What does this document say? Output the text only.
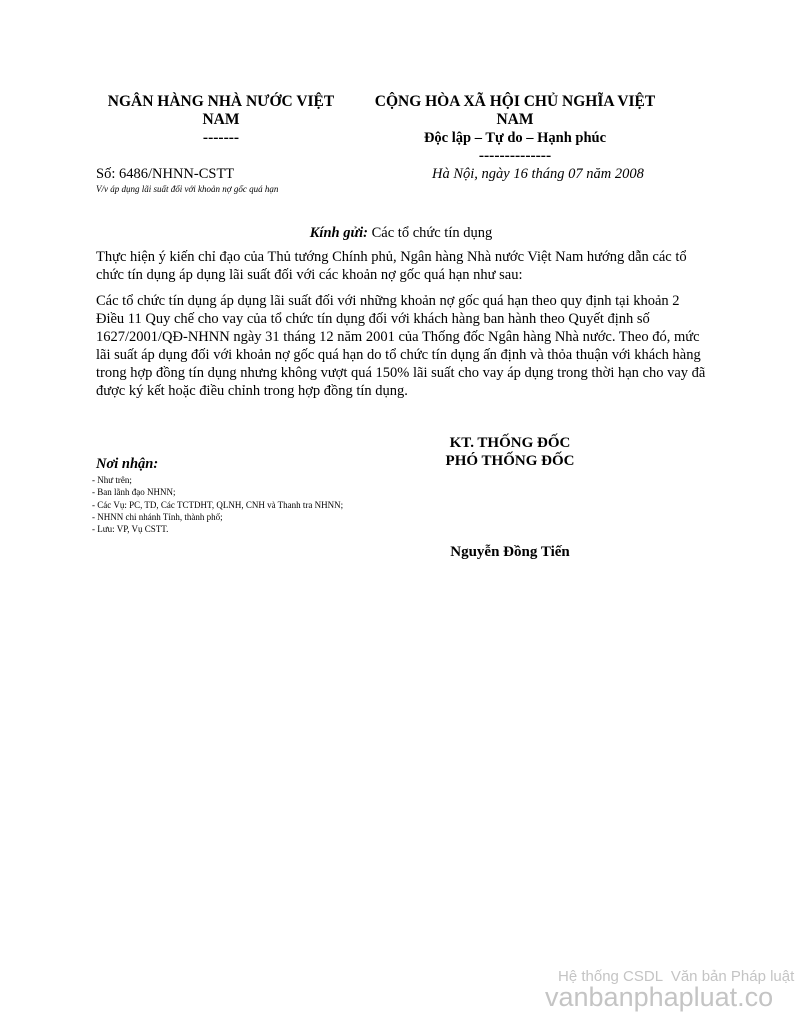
NGÂN HÀNG NHÀ NƯỚC VIỆT NAM
-------
CỘNG HÒA XÃ HỘI CHỦ NGHĨA VIỆT NAM
Độc lập – Tự do – Hạnh phúc
--------------
Số: 6486/NHNN-CSTT
V/v áp dụng lãi suất đối với khoản nợ gốc quá hạn
Hà Nội, ngày 16 tháng 07 năm 2008
Kính gửi: Các tổ chức tín dụng
Thực hiện ý kiến chỉ đạo của Thủ tướng Chính phủ, Ngân hàng Nhà nước Việt Nam hướng dẫn các tổ chức tín dụng áp dụng lãi suất đối với các khoản nợ gốc quá hạn như sau:
Các tổ chức tín dụng áp dụng lãi suất đối với những khoản nợ gốc quá hạn theo quy định tại khoản 2 Điều 11 Quy chế cho vay của tổ chức tín dụng đối với khách hàng ban hành theo Quyết định số 1627/2001/QĐ-NHNN ngày 31 tháng 12 năm 2001 của Thống đốc Ngân hàng Nhà nước. Theo đó, mức lãi suất áp dụng đối với khoản nợ gốc quá hạn do tổ chức tín dụng ấn định và thỏa thuận với khách hàng trong hợp đồng tín dụng nhưng không vượt quá 150% lãi suất cho vay áp dụng trong thời hạn cho vay đã được ký kết hoặc điều chỉnh trong hợp đồng tín dụng.
KT. THỐNG ĐỐC
PHÓ THỐNG ĐỐC
Nguyễn Đồng Tiến
Nơi nhận:
- Như trên;
- Ban lãnh đạo NHNN;
- Các Vụ: PC, TD, Các TCTDHT, QLNH, CNH và Thanh tra NHNN;
- NHNN chi nhánh Tỉnh, thành phố;
- Lưu: VP, Vụ CSTT.
Hệ thống CSDL  Văn bản Pháp luật
vanbanphapluat.co
